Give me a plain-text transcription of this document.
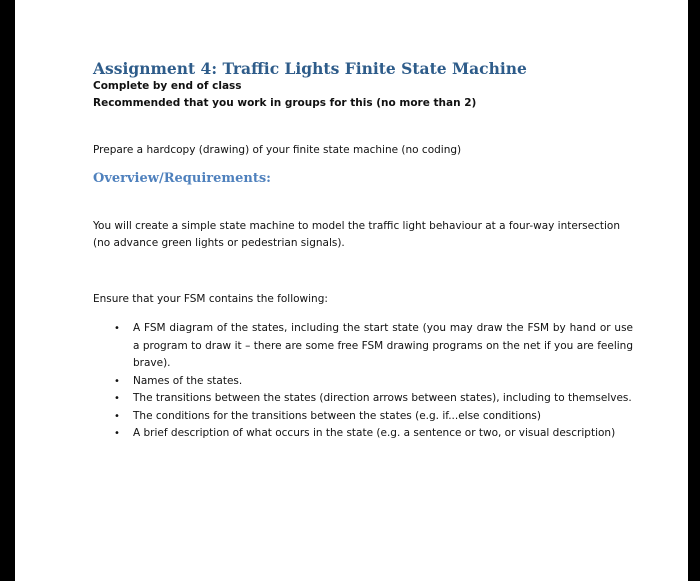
Assignment 4: Traffic Lights Finite State Machine

Complete by end of class

Recommended that you work in groups for this (no more than 2)

Prepare a hardcopy (drawing) of your finite state machine (no coding)

Overview/Requirements:

You will create a simple state machine to model the traffic light behaviour at a four-way intersection (no advance green lights or pedestrian signals).

Ensure that your FSM contains the following:

• A FSM diagram of the states, including the start state (you may draw the FSM by hand or use a program to draw it – there are some free FSM drawing programs on the net if you are feeling brave).
• Names of the states.
• The transitions between the states (direction arrows between states), including to themselves.
• The conditions for the transitions between the states (e.g. if...else conditions)
• A brief description of what occurs in the state (e.g. a sentence or two, or visual description)
